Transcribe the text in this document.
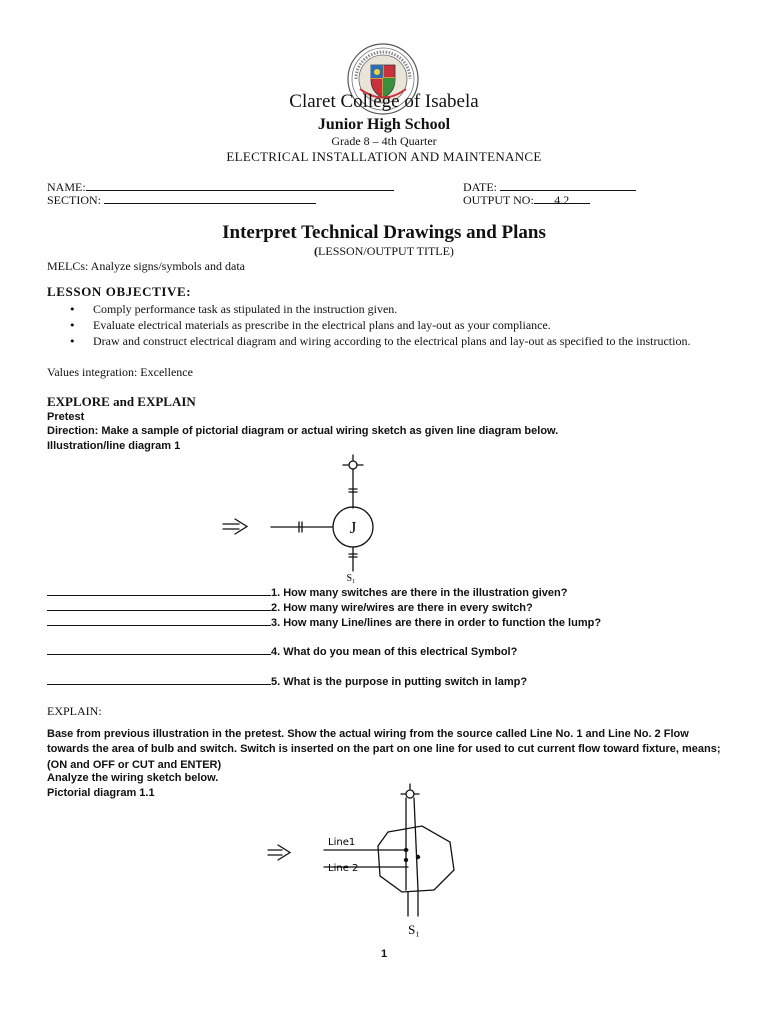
Claret College of Isabela
Junior High School
Grade 8 – 4th Quarter
ELECTRICAL INSTALLATION AND MAINTENANCE
NAME:
SECTION:
DATE:
OUTPUT NO: 4.2
Interpret Technical Drawings and Plans
(LESSON/OUTPUT TITLE)
MELCs: Analyze signs/symbols and data
LESSON OBJECTIVE:
• Comply performance task as stipulated in the instruction given.
• Evaluate electrical materials as prescribe in the electrical plans and lay-out as your compliance.
• Draw and construct electrical diagram and wiring according to the electrical plans and lay-out as specified to the instruction.
Values integration: Excellence
EXPLORE and EXPLAIN
Pretest
Direction: Make a sample of pictorial diagram or actual wiring sketch as given line diagram below.
Illustration/line diagram 1
J
S₁
1. How many switches are there in the illustration given?
2. How many wire/wires are there in every switch?
3. How many Line/lines are there in order to function the lump?
4. What do you mean of this electrical Symbol?
5. What is the purpose in putting switch in lamp?
EXPLAIN:
Base from previous illustration in the pretest. Show the actual wiring from the source called Line No. 1 and Line No. 2 Flow towards the area of bulb and switch. Switch is inserted on the part on one line for used to cut current flow toward fixture, means; (ON and OFF or CUT and ENTER)
Analyze the wiring sketch below.
Pictorial diagram 1.1
Line1
Line 2
S₁
1
